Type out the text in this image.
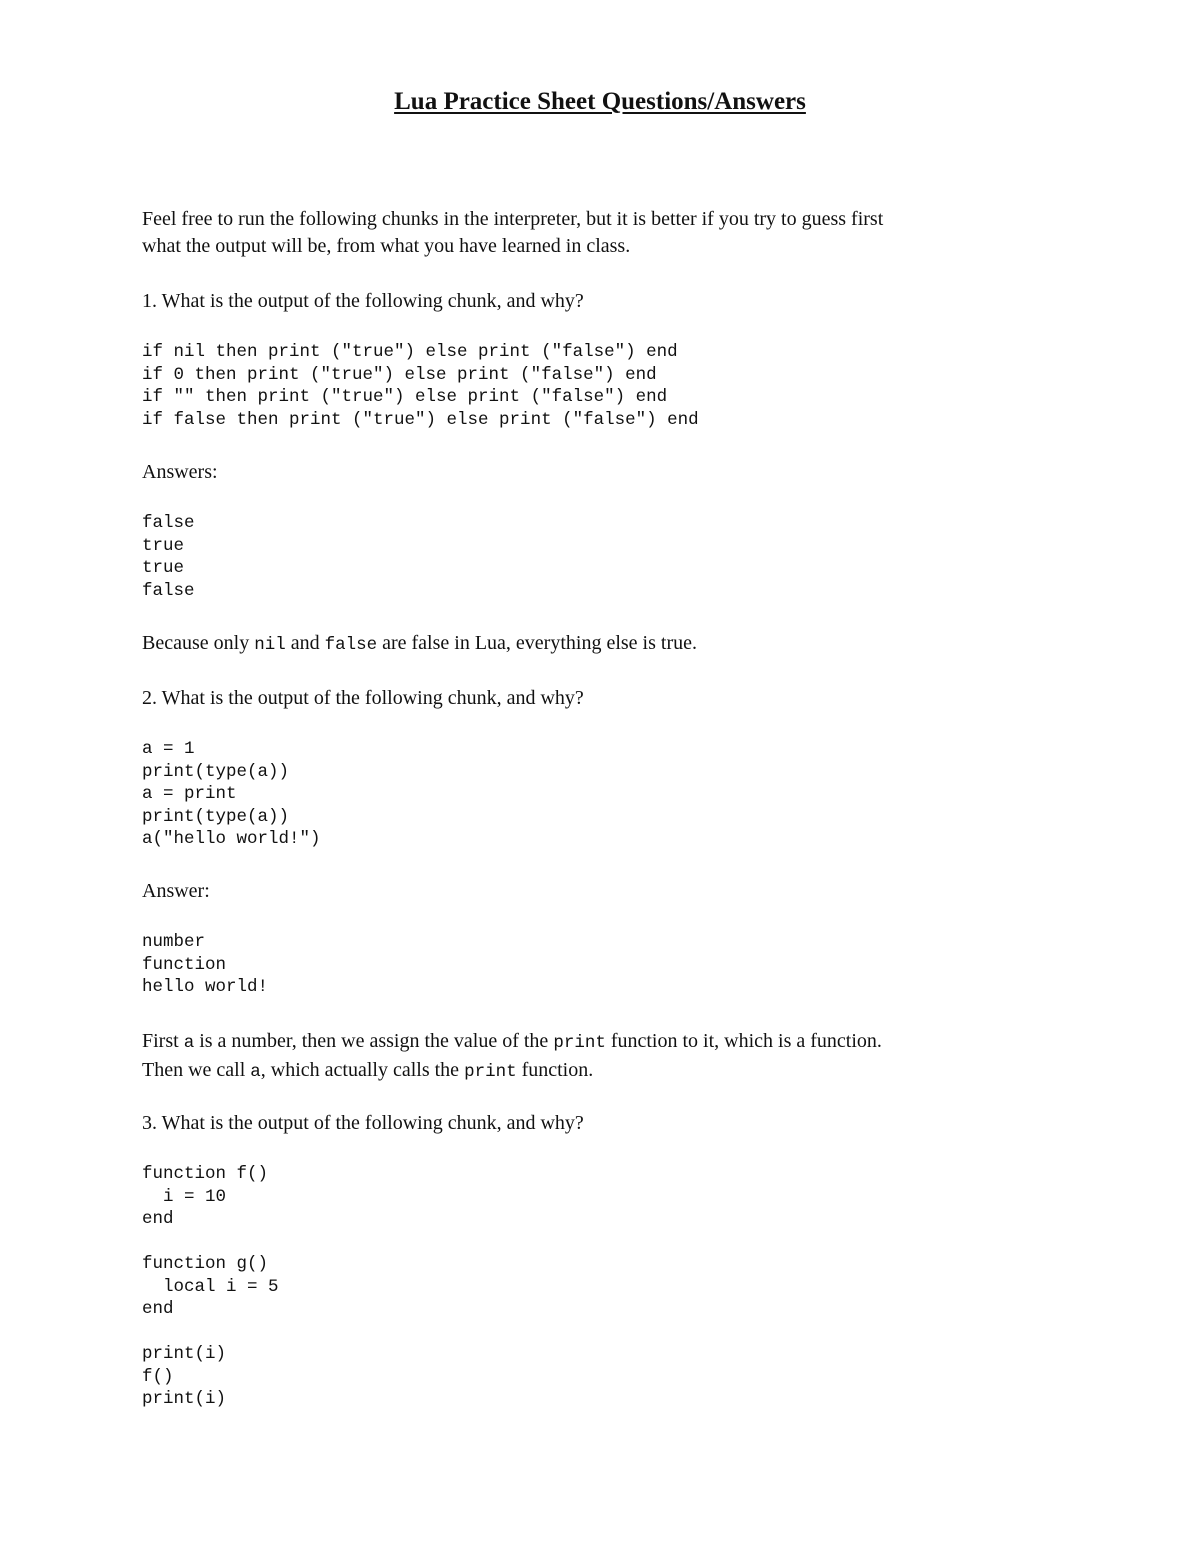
Lua Practice Sheet Questions/Answers

Feel free to run the following chunks in the interpreter, but it is better if you try to guess first

what the output will be, from what you have learned in class.

1. What is the output of the following chunk, and why?

if nil then print ("true") else print ("false") end
if 0 then print ("true") else print ("false") end
if "" then print ("true") else print ("false") end
if false then print ("true") else print ("false") end

Answers:

false
true
true
false

Because only nil and false are false in Lua, everything else is true.

2. What is the output of the following chunk, and why?

a = 1
print(type(a))
a = print
print(type(a))
a("hello world!")

Answer:

number
function
hello world!

First a is a number, then we assign the value of the print function to it, which is a function.

Then we call a, which actually calls the print function.

3. What is the output of the following chunk, and why?

function f()
i = 10
end

function g()
local i = 5
end

print(i)
f()
print(i)
